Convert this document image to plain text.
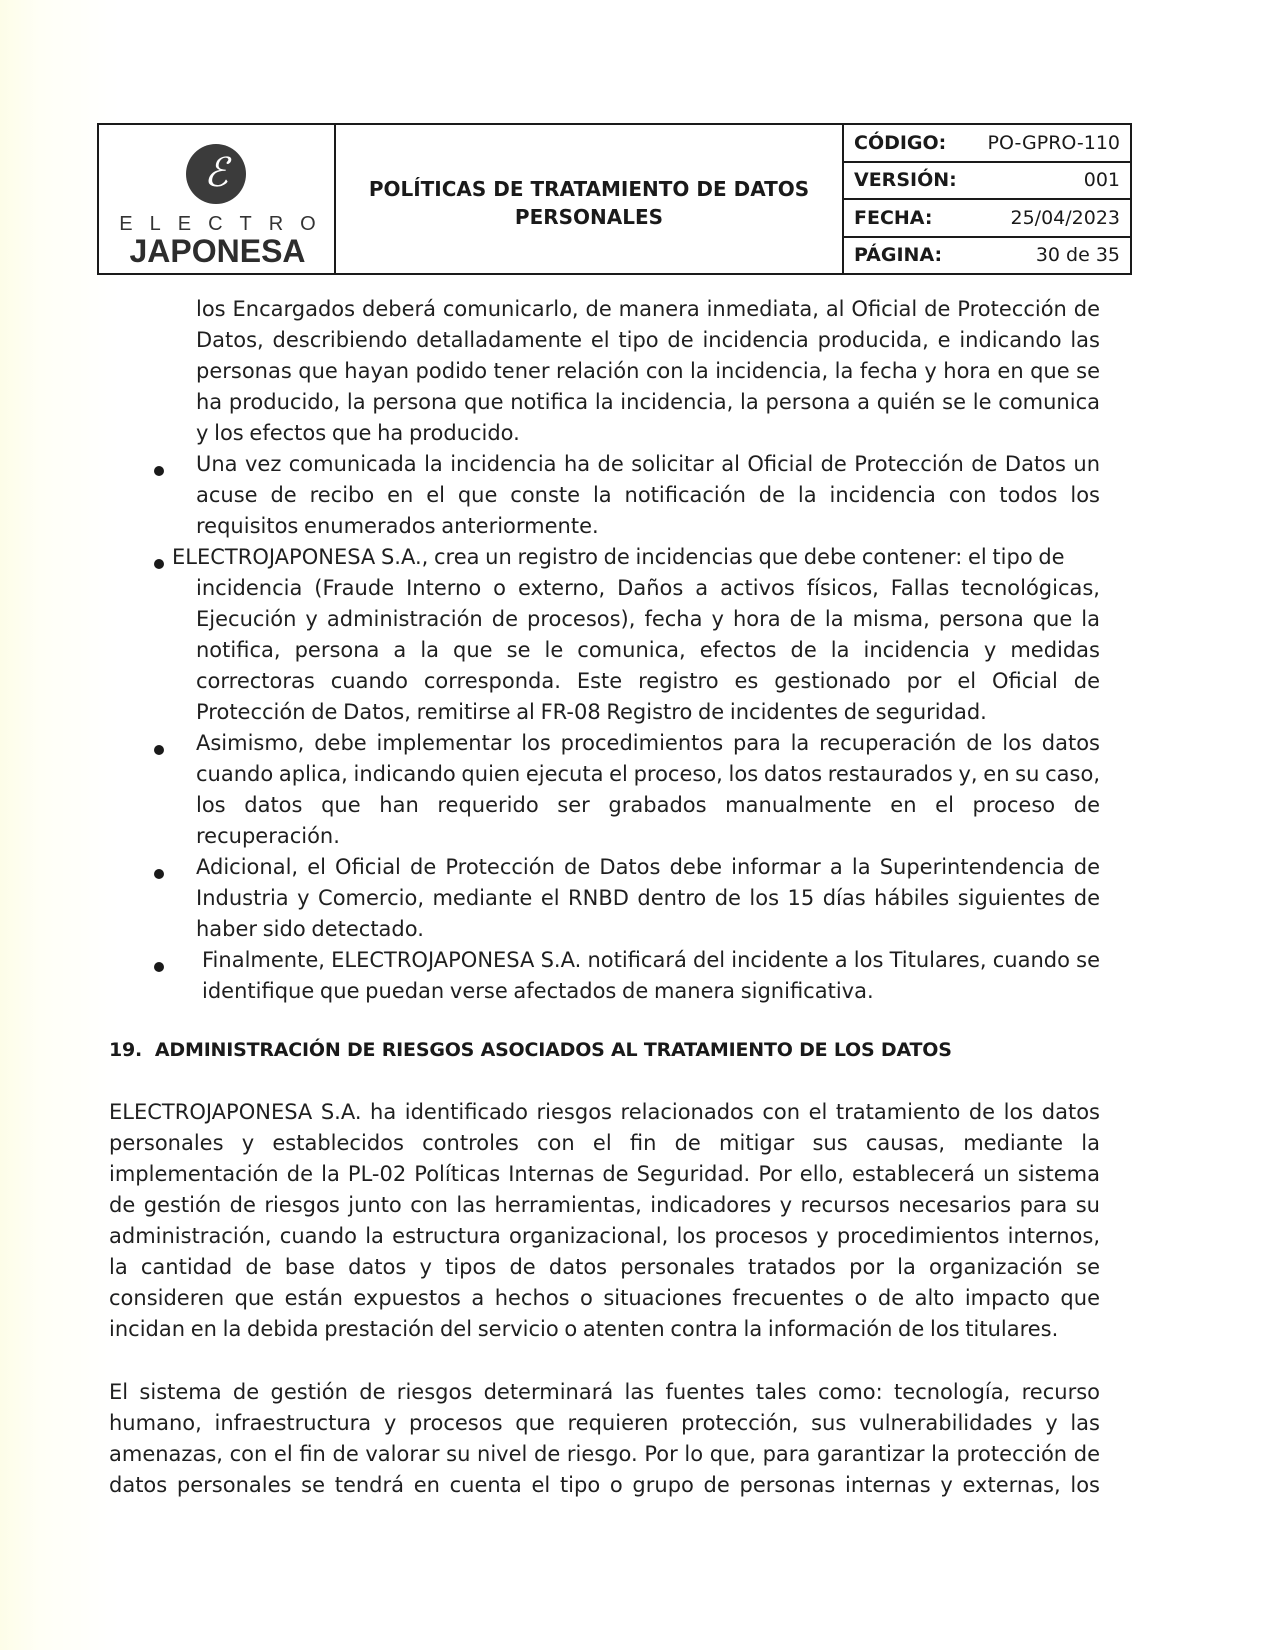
ℰ
ELECTRO
JAPONESA
POLÍTICAS DE TRATAMIENTO DE DATOS
PERSONALES
CÓDIGO: PO-GPRO-110
VERSIÓN:	001
FECHA:	25/04/2023
PÁGINA:	30 de 35
los Encargados deberá comunicarlo, de manera inmediata, al Oficial de Protección de Datos, describiendo detalladamente el tipo de incidencia producida, e indicando las personas que hayan podido tener relación con la incidencia, la fecha y hora en que se ha producido, la persona que notifica la incidencia, la persona a quién se le comunica y los efectos que ha producido.
Una vez comunicada la incidencia ha de solicitar al Oficial de Protección de Datos un acuse de recibo en el que conste la notificación de la incidencia con todos los requisitos enumerados anteriormente.
ELECTROJAPONESA S.A., crea un registro de incidencias que debe contener: el tipo de
incidencia (Fraude Interno o externo, Daños a activos físicos, Fallas tecnológicas, Ejecución y administración de procesos), fecha y hora de la misma, persona que la notifica, persona a la que se le comunica, efectos de la incidencia y medidas correctoras cuando corresponda. Este registro es gestionado por el Oficial de Protección de Datos, remitirse al FR-08 Registro de incidentes de seguridad.
Asimismo, debe implementar los procedimientos para la recuperación de los datos cuando aplica, indicando quien ejecuta el proceso, los datos restaurados y, en su caso, los datos que han requerido ser grabados manualmente en el proceso de recuperación.
Adicional, el Oficial de Protección de Datos debe informar a la Superintendencia de Industria y Comercio, mediante el RNBD dentro de los 15 días hábiles siguientes de haber sido detectado.
Finalmente, ELECTROJAPONESA S.A. notificará del incidente a los Titulares, cuando se identifique que puedan verse afectados de manera significativa.
19. ADMINISTRACIÓN DE RIESGOS ASOCIADOS AL TRATAMIENTO DE LOS DATOS
ELECTROJAPONESA S.A. ha identificado riesgos relacionados con el tratamiento de los datos personales y establecidos controles con el fin de mitigar sus causas, mediante la implementación de la PL-02 Políticas Internas de Seguridad. Por ello, establecerá un sistema de gestión de riesgos junto con las herramientas, indicadores y recursos necesarios para su administración, cuando la estructura organizacional, los procesos y procedimientos internos, la cantidad de base datos y tipos de datos personales tratados por la organización se consideren que están expuestos a hechos o situaciones frecuentes o de alto impacto que incidan en la debida prestación del servicio o atenten contra la información de los titulares.
El sistema de gestión de riesgos determinará las fuentes tales como: tecnología, recurso humano, infraestructura y procesos que requieren protección, sus vulnerabilidades y las amenazas, con el fin de valorar su nivel de riesgo. Por lo que, para garantizar la protección de datos personales se tendrá en cuenta el tipo o grupo de personas internas y externas, los
